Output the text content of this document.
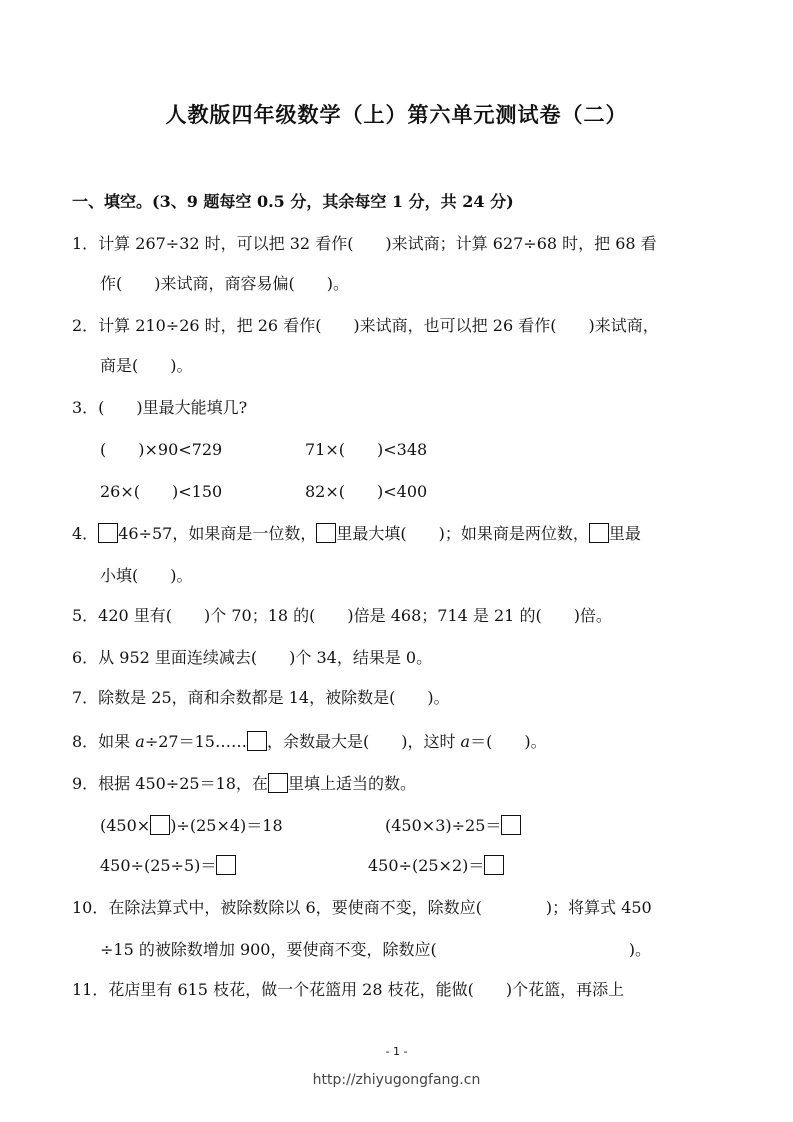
人教版四年级数学（上）第六单元测试卷（二）
一、填空。(3、9 题每空 0.5 分，其余每空 1 分，共 24 分)
1．计算 267÷32 时，可以把 32 看作(　　)来试商；计算 627÷68 时，把 68 看
作(　　)来试商，商容易偏(　　)。
2．计算 210÷26 时，把 26 看作(　　)来试商，也可以把 26 看作(　　)来试商，
商是(　　)。
3．(　　)里最大能填几?
(　　)×90<729	71×(　　)<348
26×(　　)<150	82×(　　)<400
4． 46÷57，如果商是一位数， 里最大填(　　)；如果商是两位数， 里最
小填(　　)。
5．420 里有(　　)个 70；18 的(　　)倍是 468；714 是 21 的(　　)倍。
6．从 952 里面连续减去(　　)个 34，结果是 0。
7．除数是 25，商和余数都是 14，被除数是(　　)。
8．如果 a÷27＝15…… ，余数最大是(　　)，这时 a＝(　　)。
9．根据 450÷25＝18，在 里填上适当的数。
(450× )÷(25×4)＝18	(450×3)÷25＝
450÷(25÷5)＝	450÷(25×2)＝
10．在除法算式中，被除数除以 6，要使商不变，除数应(　　　　)；将算式 450
÷15 的被除数增加 900，要使商不变，除数应(　　　　　　　　　　　　)。
11．花店里有 615 枝花，做一个花篮用 28 枝花，能做(　　)个花篮，再添上
- 1 -
http://zhiyugongfang.cn
